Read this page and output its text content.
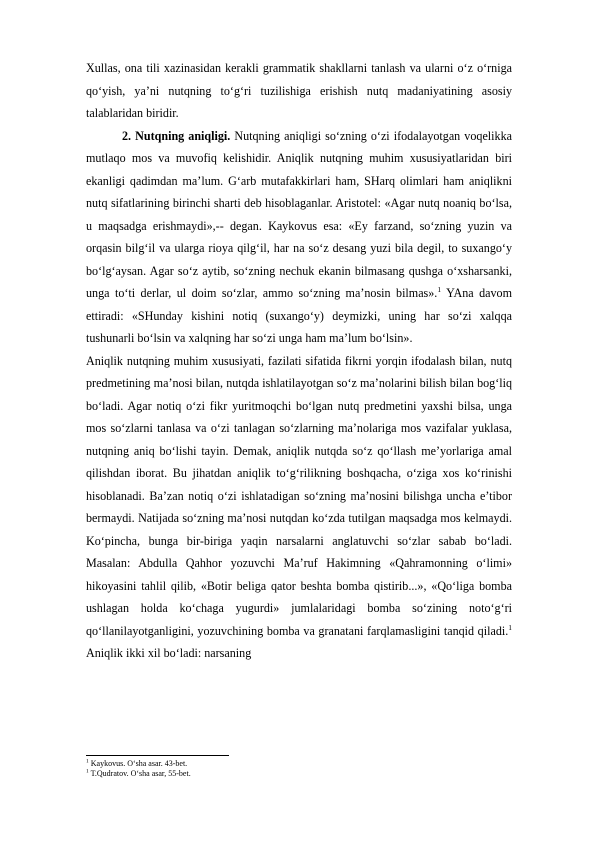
Xullas, ona tili xazinasidan kerakli grammatik shakllarni tanlash va ularni o‘z o‘rniga qo‘yish, ya’ni nutqning to‘g‘ri tuzilishiga erishish nutq madaniyatining asosiy talablaridan biridir.

2. Nutqning aniqligi. Nutqning aniqligi so‘zning o‘zi ifodalayotgan voqelikka mutlaqo mos va muvofiq kelishidir. Aniqlik nutqning muhim xususiyatlaridan biri ekanligi qadimdan ma’lum. G‘arb mutafakkirlari ham, SHarq olimlari ham aniqlikni nutq sifatlarining birinchi sharti deb hisoblaganlar. Aristotel: «Agar nutq noaniq bo‘lsa, u maqsadga erishmaydi»,-- degan. Kaykovus esa: «Ey farzand, so‘zning yuzin va orqasin bilg‘il va ularga rioya qilg‘il, har na so‘z desang yuzi bila degil, to suxango‘y bo‘lg‘aysan. Agar so‘z aytib, so‘zning nechuk ekanin bilmasang qushga o‘xsharsanki, unga to‘ti derlar, ul doim so‘zlar, ammo so‘zning ma’nosin bilmas».$^1$ YAna davom ettiradi: «SHunday kishini notiq (suxango‘y) deymizki, uning har so‘zi xalqqa tushunarli bo‘lsin va xalqning har so‘zi unga ham ma’lum bo‘lsin».

Aniqlik nutqning muhim xususiyati, fazilati sifatida fikrni yorqin ifodalash bilan, nutq predmetining ma’nosi bilan, nutqda ishlatilayotgan so‘z ma’nolarini bilish bilan bog‘liq bo‘ladi. Agar notiq o‘zi fikr yuritmoqchi bo‘lgan nutq predmetini yaxshi bilsa, unga mos so‘zlarni tanlasa va o‘zi tanlagan so‘zlarning ma’nolariga mos vazifalar yuklasa, nutqning aniq bo‘lishi tayin. Demak, aniqlik nutqda so‘z qo‘llash me’yorlariga amal qilishdan iborat. Bu jihatdan aniqlik to‘g‘rilikning boshqacha, o‘ziga xos ko‘rinishi hisoblanadi. Ba’zan notiq o‘zi ishlatadigan so‘zning ma’nosini bilishga uncha e’tibor bermaydi. Natijada so‘zning ma’nosi nutqdan ko‘zda tutilgan maqsadga mos kelmaydi. Ko‘pincha, bunga bir-biriga yaqin narsalarni anglatuvchi so‘zlar sabab bo‘ladi. Masalan: Abdulla Qahhor yozuvchi Ma’ruf Hakimning «Qahramonning o‘limi» hikoyasini tahlil qilib, «Botir beliga qator beshta bomba qistirib...», «Qo‘liga bomba ushlagan holda ko‘chaga yugurdi» jumlalaridagi bomba so‘zining noto‘g‘ri qo‘llanilayotganligini, yozuvchining bomba va granatani farqlamasligini tanqid qiladi.$^1$ Aniqlik ikki xil bo‘ladi: narsaning

$^1$ Kaykovus. O‘sha asar. 43-bet.

$^1$ T.Qudratov. O‘sha asar, 55-bet.
